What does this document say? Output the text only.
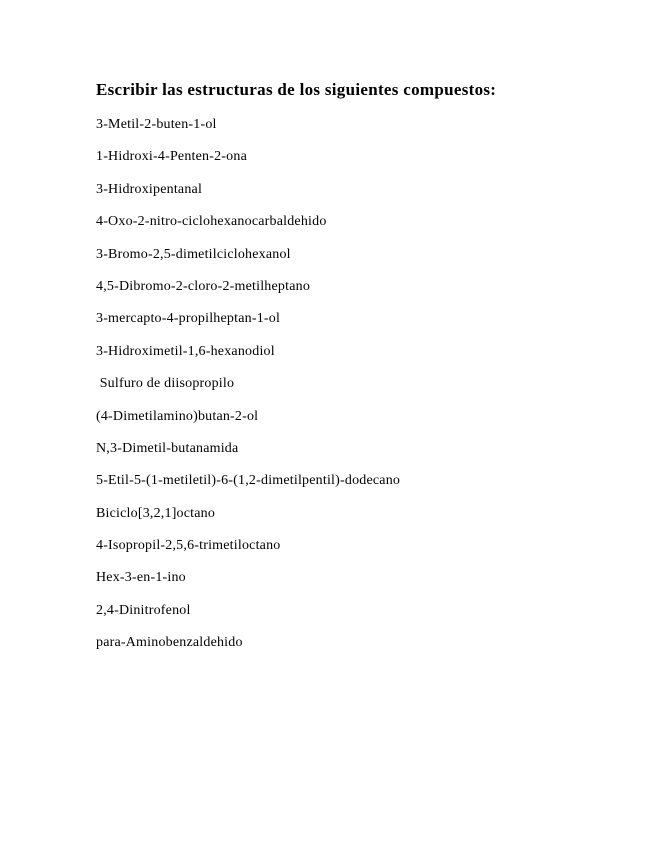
Escribir las estructuras de los siguientes compuestos:
3-Metil-2-buten-1-ol
1-Hidroxi-4-Penten-2-ona
3-Hidroxipentanal
4-Oxo-2-nitro-ciclohexanocarbaldehido
3-Bromo-2,5-dimetilciclohexanol
4,5-Dibromo-2-cloro-2-metilheptano
3-mercapto-4-propilheptan-1-ol
3-Hidroximetil-1,6-hexanodiol
Sulfuro de diisopropilo
(4-Dimetilamino)butan-2-ol
N,3-Dimetil-butanamida
5-Etil-5-(1-metiletil)-6-(1,2-dimetilpentil)-dodecano
Biciclo[3,2,1]octano
4-Isopropil-2,5,6-trimetiloctano
Hex-3-en-1-ino
2,4-Dinitrofenol
para-Aminobenzaldehido
